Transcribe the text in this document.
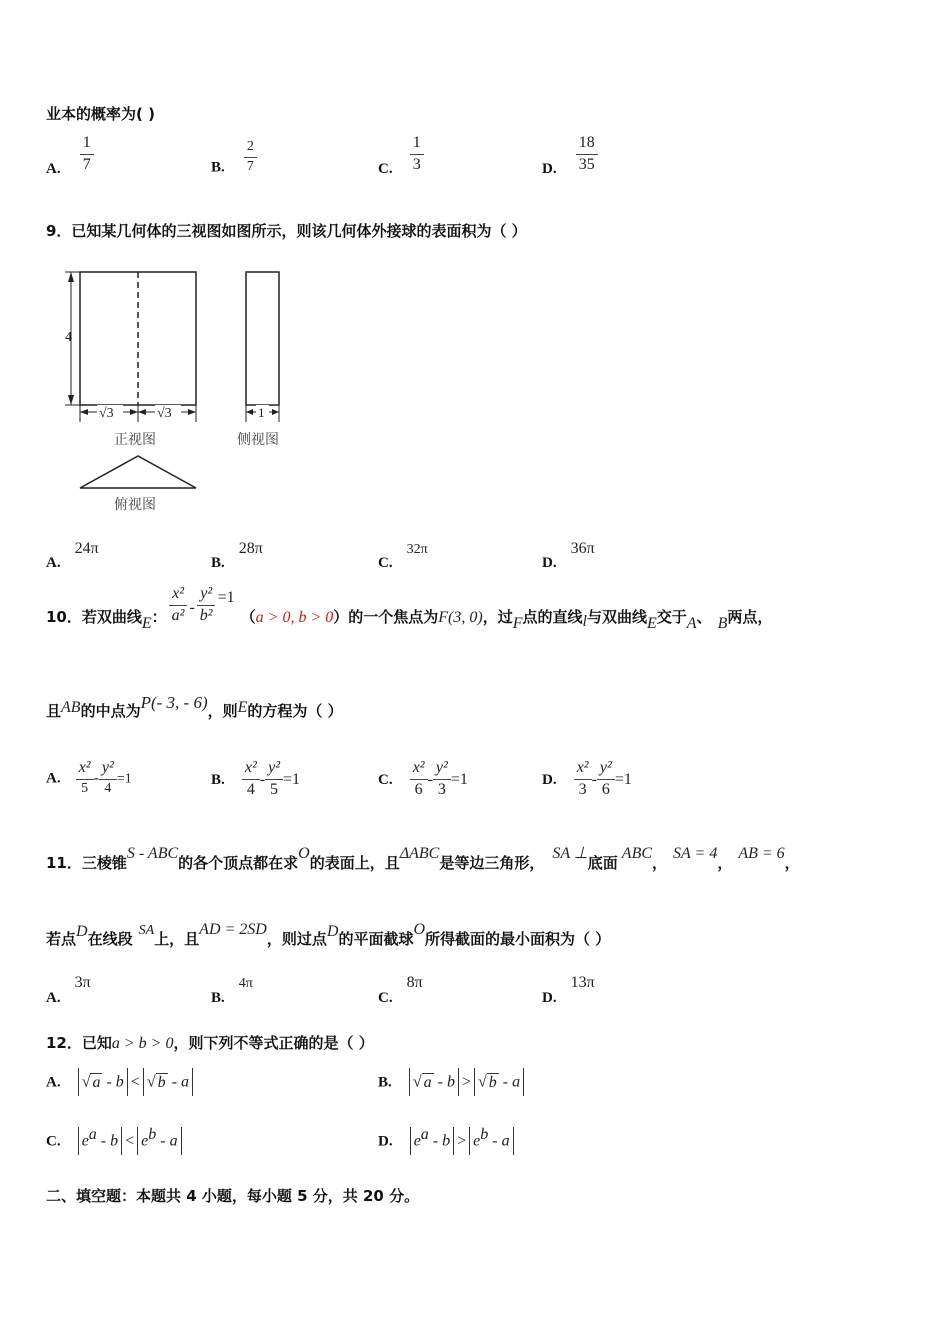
业本的概率为( )
A. $\frac{1}{7}$	B. $\frac{2}{7}$	C. $\frac{1}{3}$	D. $\frac{18}{35}$
9．已知某几何体的三视图如图所示，则该几何体外接球的表面积为（ ）
4
√3	√3	1
正视图	侧视图
俯视图
A.24π
B.28π
C.32π
D.36π
10．若双曲线E： $\frac{\text{x²}}{\text{a²}} - \frac{\text{y²}}{\text{b²}} =1(a > 0$, b > 0）的一个焦点为F(3, 0)，过F点的直线l与双曲线E交于A、 B两点，
且AB的中点为P(- 3, - 6)，则E的方程为（ ）
A. $\frac{\text{x²}}{5} - \frac{\text{y²}}{4} =1$	B. $\frac{\text{x²}}{4} - \frac{\text{y²}}{5} =1$	C. $\frac{\text{x²}}{6} - \frac{\text{y²}}{3} =1$	D. $\frac{\text{x²}}{3} - \frac{\text{y²}}{6} =1$
11．三棱锥S - ABC的各个顶点都在求O的表面上，且ΔABC是等边三角形，SA ⊥底面ABC，SA = 4，AB = 6，
若点D在线段 SA上，且AD = 2SD，则过点D的平面截球O所得截面的最小面积为（ ）
A.3π
B.4π
C.8π
D.13π
12．已知a > b > 0，则下列不等式正确的是（ ）
A. √ a - b < √ b - a	B. √ a - b > √ b - a
C. $e^a - b < e^b - a$	D. $e^a - b > e^b - a$
二、填空题：本题共 4 小题，每小题 5 分，共 20 分。
